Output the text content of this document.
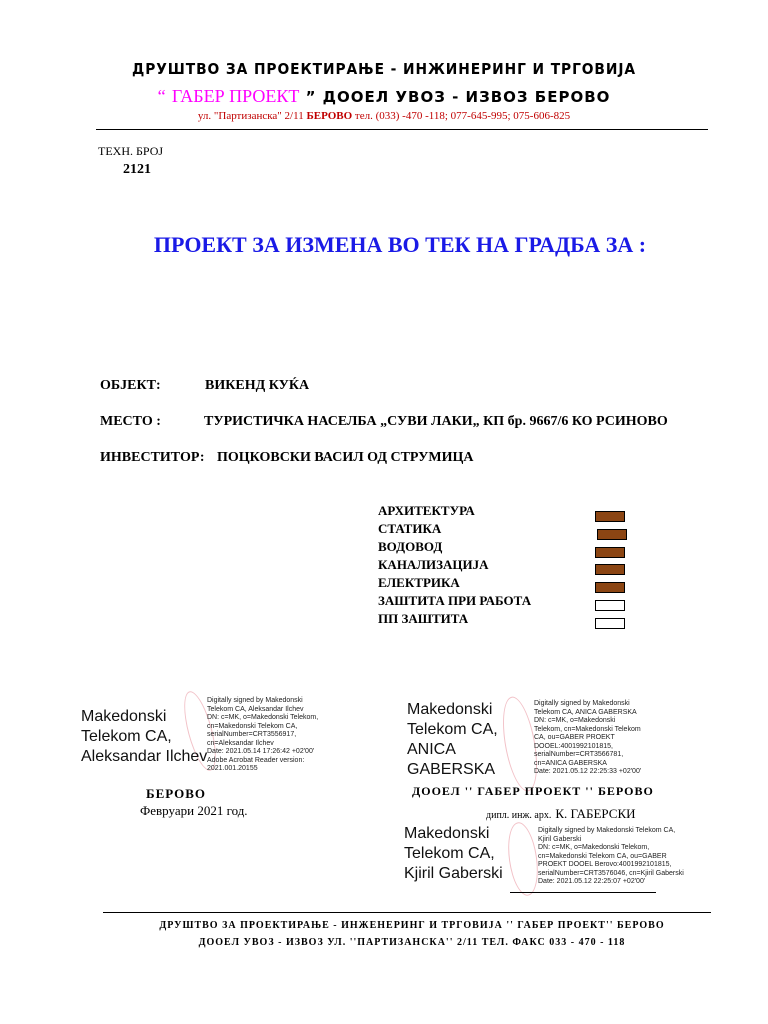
ДРУШТВО ЗА ПРОЕКТИРАЊЕ - ИНЖИНЕРИНГ И ТРГОВИЈА
“ ГАБЕР ПРОЕКТ ” ДООЕЛ УВОЗ - ИЗВОЗ БЕРОВО
ул. "Партизанска" 2/11 БЕРОВО тел. (033) -470 -118; 077-645-995; 075-606-825
ТЕХН. БРОЈ
2121
ПРОЕКТ ЗА ИЗМЕНА ВО ТЕК НА ГРАДБА ЗА :
ОБЈЕКТ:	ВИКЕНД КУЌА
МЕСТО :	ТУРИСТИЧКА НАСЕЛБА „СУВИ ЛАКИ„ КП бр. 9667/6 КО РСИНОВО
ИНВЕСТИТОР: ПОЦКОВСКИ ВАСИЛ ОД СТРУМИЦА
АРХИТЕКТУРА
СТАТИКА
ВОДОВОД
КАНАЛИЗАЦИЈА
ЕЛЕКТРИКА
ЗАШТИТА ПРИ РАБОТА
ПП ЗАШТИТА
Makedonski
Telekom CA,
Aleksandar Ilchev
Digitally signed by Makedonski
Telekom CA, Aleksandar Ilchev
DN: c=MK, o=Makedonski Telekom,
cn=Makedonski Telekom CA,
serialNumber=CRT3556917,
cn=Aleksandar Ilchev
Date: 2021.05.14 17:26:42 +02'00'
Adobe Acrobat Reader version:
2021.001.20155
Makedonski
Telekom CA,
ANICA
GABERSKA
Digitally signed by Makedonski
Telekom CA, ANICA GABERSKA
DN: c=MK, o=Makedonski
Telekom, cn=Makedonski Telekom
CA, ou=GABER PROEKT
DOOEL:4001992101815,
serialNumber=CRT3566781,
cn=ANICA GABERSKA
Date: 2021.05.12 22:25:33 +02'00'
БЕРОВО
Февруари 2021 год.
ДООЕЛ '' ГАБЕР ПРОЕКТ '' БЕРОВО
дипл. инж. арх. К. ГАБЕРСКИ
Makedonski
Telekom CA,
Kjiril Gaberski
Digitally signed by Makedonski Telekom CA,
Kjiril Gaberski
DN: c=MK, o=Makedonski Telekom,
cn=Makedonski Telekom CA, ou=GABER
PROEKT DOOEL Berovo:4001992101815,
serialNumber=CRT3576046, cn=Kjiril Gaberski
Date: 2021.05.12 22:25:07 +02'00'
ДРУШТВО ЗА ПРОЕКТИРАЊЕ - ИНЖЕНЕРИНГ И ТРГОВИЈА '' ГАБЕР ПРОЕКТ'' БЕРОВО
ДООЕЛ УВОЗ - ИЗВОЗ УЛ. ''ПАРТИЗАНСКА'' 2/11 ТЕЛ. ФАКС 033 - 470 - 118
